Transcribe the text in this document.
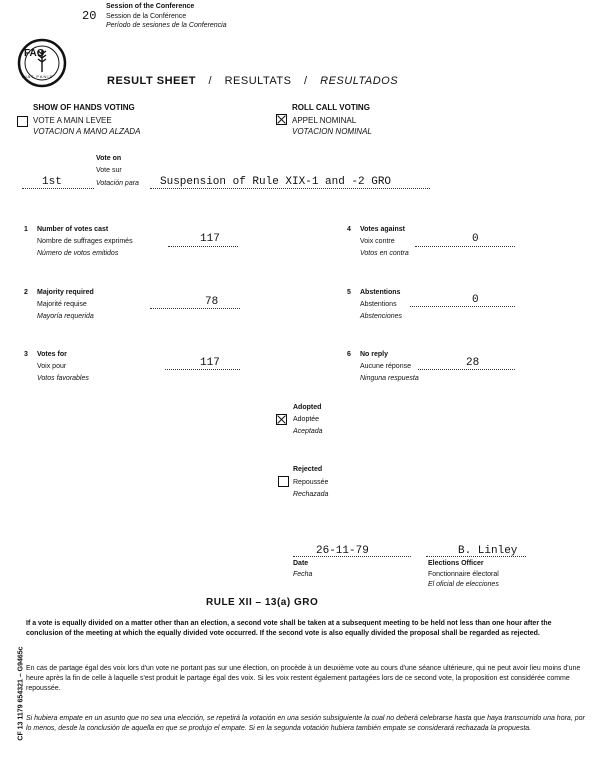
20
Session of the Conference
Session de la Conférence
Período de sesiones de la Conferencia
FAO
FIAT PANIS	RESULT SHEET / RESULTATS / RESULTADOS
SHOW OF HANDS VOTING
VOTE A MAIN LEVEE
VOTACION A MANO ALZADA
ROLL CALL VOTING
APPEL NOMINAL
VOTACION NOMINAL
Vote on
Vote sur
Votación para
1st	Suspension of Rule XIX-1 and -2 GRO
1 Number of votes cast
Nombre de suffrages exprimés
Número de votos emitidos
117
2 Majority required
Majorité requise
Mayoría requerida
78
3 Votes for
Voix pour
Votos favorables
117
4 Votes against
Voix contre
Votos en contra
0
5 Abstentions
Abstentions
Abstenciones
0
6 No reply
Aucune réponse
Ninguna respuesta
28
Adopted
Adoptée
Aceptada
Rejected
Repoussée
Rechazada
26-11-79
Date
Fecha
B. Linley
Elections Officer
Fonctionnaire électoral
El oficial de elecciones
RULE XII – 13(a) GRO
If a vote is equally divided on a matter other than an election, a second vote shall be taken at a subsequent meeting to be held not less than one hour after the conclusion of the meeting at which the equally divided vote occurred. If the second vote is also equally divided the proposal shall be regarded as rejected.
En cas de partage égal des voix lors d'un vote ne portant pas sur une élection, on procède à un deuxième vote au cours d'une séance ultérieure, qui ne peut avoir lieu moins d'une heure après la fin de celle à laquelle s'est produit le partage égal des voix. Si les voix restent également partagées lors de ce second vote, la proposition est considérée comme repoussée.
Si hubiera empate en un asunto que no sea una elección, se repetirá la votación en una sesión subsiguiente la cual no deberá celebrarse hasta que haya transcurrido una hora, por lo menos, desde la conclusión de aquella en que se produjo el empate. Si en la segunda votación hubiera también empate se considerará rechazada la propuesta.
CF 13 1179 654321 – G9465c
